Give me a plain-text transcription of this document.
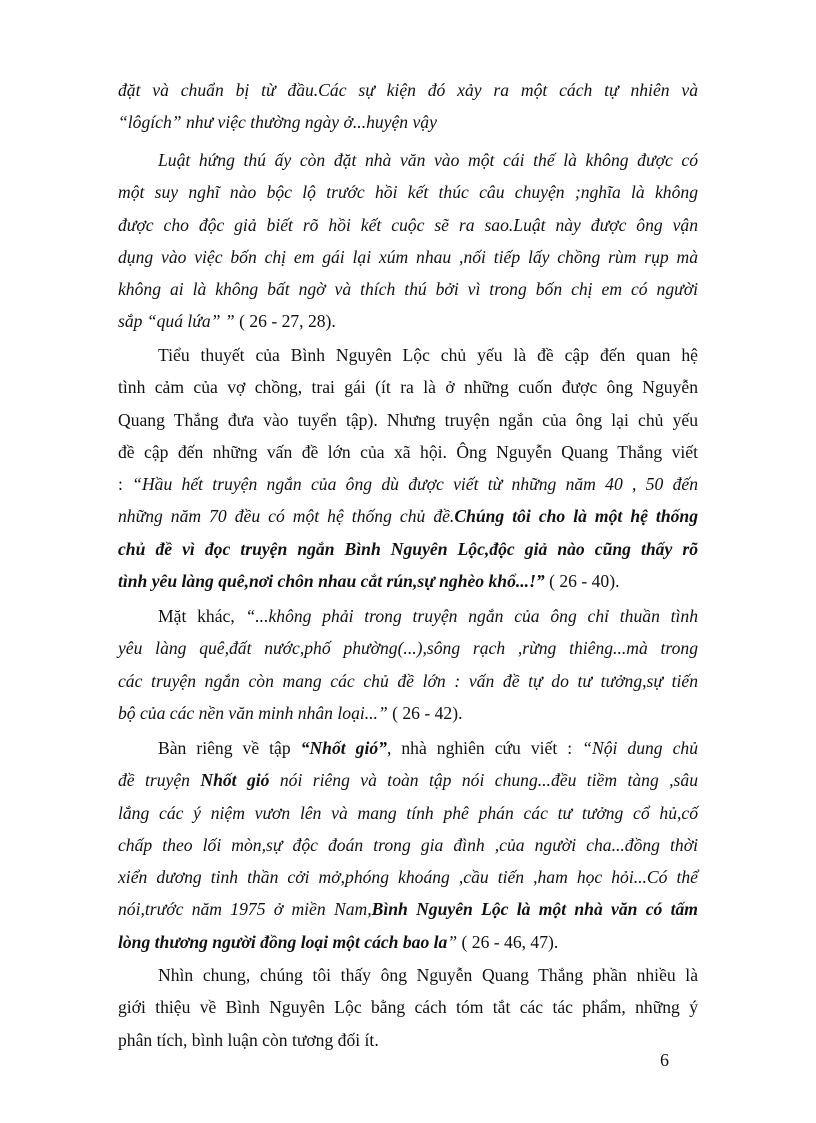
đặt và chuẩn bị từ đầu.Các sự kiện đó xảy ra một cách tự nhiên và
“lôgích” như việc thường ngày ở...huyện vậy
Luật hứng thú ấy còn đặt nhà văn vào một cái thế là không được có
một suy nghĩ nào bộc lộ trước hồi kết thúc câu chuyện ;nghĩa là không
được cho độc giả biết rõ hồi kết cuộc sẽ ra sao.Luật này được ông vận
dụng vào việc bốn chị em gái lại xúm nhau ,nối tiếp lấy chồng rùm rụp mà
không ai là không bất ngờ và thích thú bởi vì trong bốn chị em có người
sắp “quá lứa” ” ( 26 - 27, 28).
Tiểu thuyết của Bình Nguyên Lộc chủ yếu là đề cập đến quan hệ
tình cảm của vợ chồng, trai gái (ít ra là ở những cuốn được ông Nguyễn
Quang Thắng đưa vào tuyển tập). Nhưng truyện ngắn của ông lại chủ yếu
đề cập đến những vấn đề lớn của xã hội. Ông Nguyễn Quang Thắng viết
: “Hầu hết truyện ngắn của ông dù được viết từ những năm 40 , 50 đến
những năm 70 đều có một hệ thống chủ đề.Chúng tôi cho là một hệ thống
chủ đề vì đọc truyện ngắn Bình Nguyên Lộc,độc giả nào cũng thấy rõ
tình yêu làng quê,nơi chôn nhau cắt rún,sự nghèo khổ...!” ( 26 - 40).
Mặt khác, “...không phải trong truyện ngắn của ông chỉ thuần tình
yêu làng quê,đất nước,phố phường(...),sông rạch ,rừng thiêng...mà trong
các truyện ngắn còn mang các chủ đề lớn : vấn đề tự do tư tưởng,sự tiến
bộ của các nền văn minh nhân loại...” ( 26 - 42).
Bàn riêng về tập “Nhốt gió”, nhà nghiên cứu viết : “Nội dung chủ
đề truyện Nhốt gió nói riêng và toàn tập nói chung...đều tiềm tàng ,sâu
lắng các ý niệm vươn lên và mang tính phê phán các tư tưởng cổ hủ,cố
chấp theo lối mòn,sự độc đoán trong gia đình ,của người cha...đồng thời
xiển dương tinh thần cởi mở,phóng khoáng ,cầu tiến ,ham học hỏi...Có thể
nói,trước năm 1975 ở miền Nam,Bình Nguyên Lộc là một nhà văn có tấm
lòng thương người đồng loại một cách bao la” ( 26 - 46, 47).
Nhìn chung, chúng tôi thấy ông Nguyễn Quang Thắng phần nhiều là
giới thiệu về Bình Nguyên Lộc bằng cách tóm tắt các tác phẩm, những ý
phân tích, bình luận còn tương đối ít.
6
